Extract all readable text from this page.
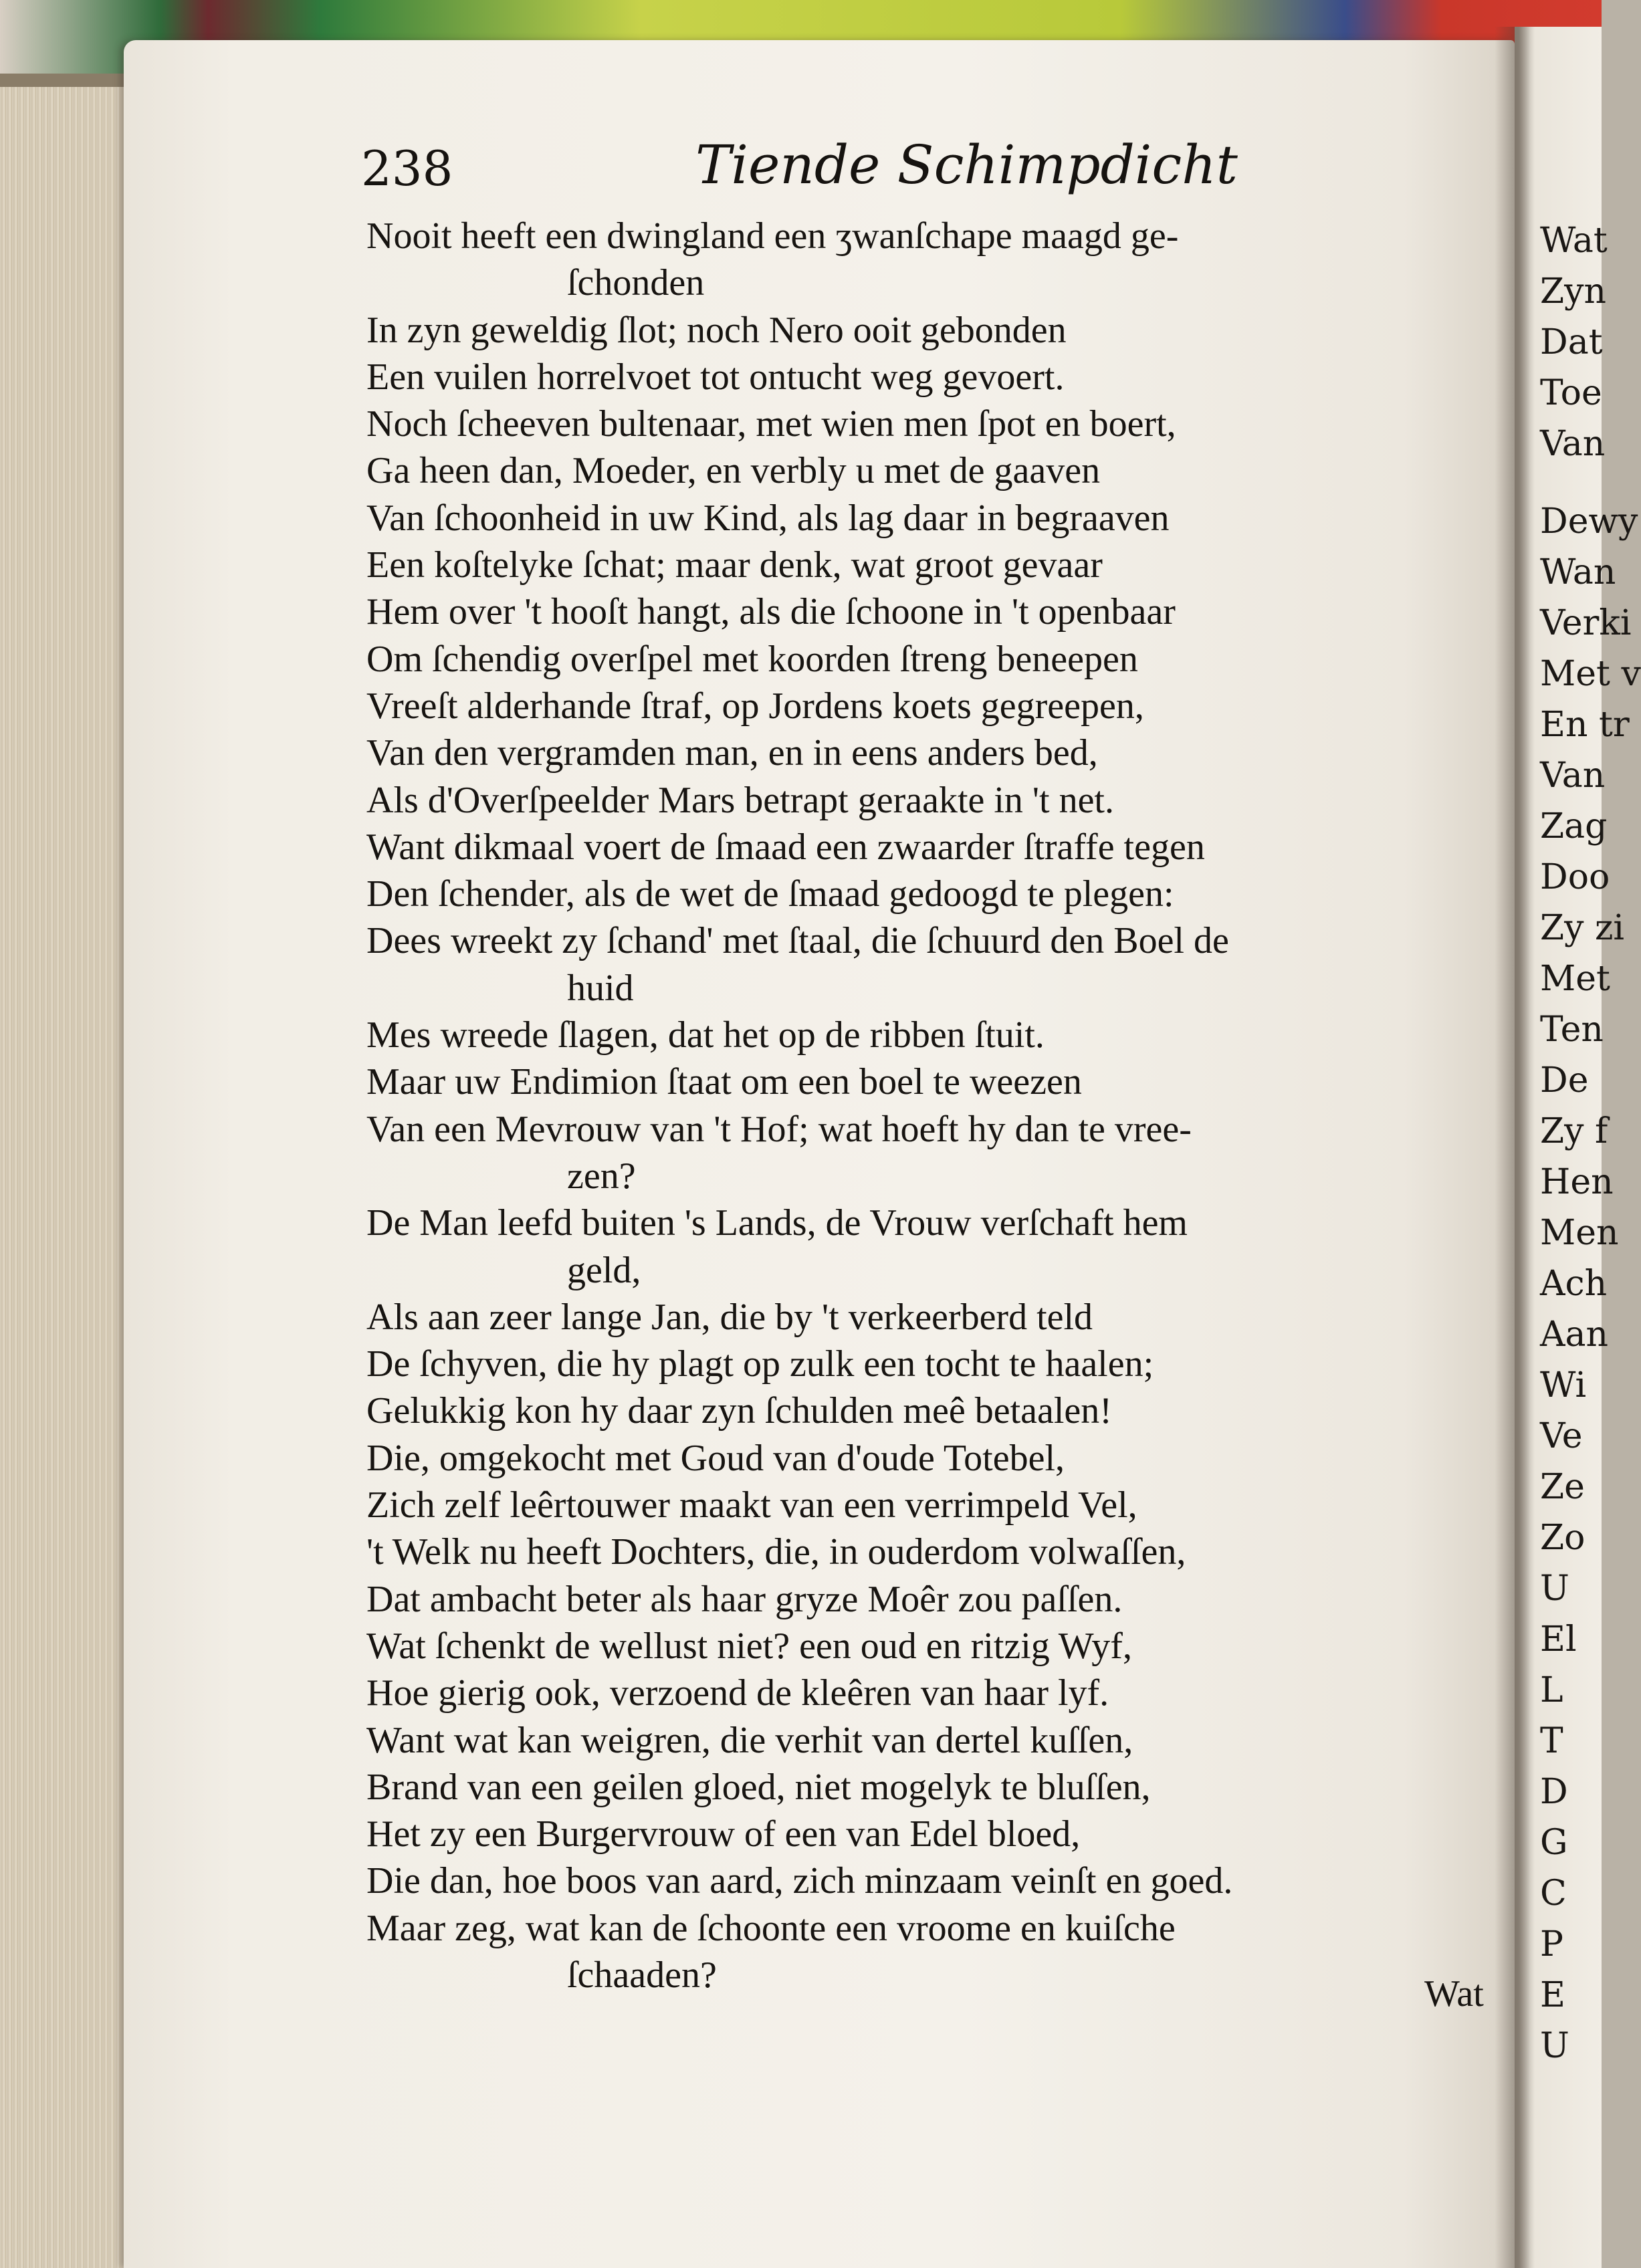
Wat
Zyn
Dat
Toe
Van
Dewy
Wan
Verki
Met v
En tr
Van
Zag
Doo
Zy zi
Met
Ten
De
Zy f
Hen
Men
Ach
Aan
Wi
Ve
Ze
Zo
U
El
L
T
D
G
C
P
E
U
238	Tiende Schimpdicht
Nooit heeft een dwingland een ʒwanſchape maagd ge-
ſchonden
In zyn geweldig ſlot; noch Nero ooit gebonden
Een vuilen horrelvoet tot ontucht weg gevoert.
Noch ſcheeven bultenaar, met wien men ſpot en boert,
Ga heen dan, Moeder, en verbly u met de gaaven
Van ſchoonheid in uw Kind, als lag daar in begraaven
Een koſtelyke ſchat; maar denk, wat groot gevaar
Hem over 't hooſt hangt, als die ſchoone in 't openbaar
Om ſchendig overſpel met koorden ſtreng beneepen
Vreeſt alderhande ſtraf, op Jordens koets gegreepen,
Van den vergramden man, en in eens anders bed,
Als d'Overſpeelder Mars betrapt geraakte in 't net.
Want dikmaal voert de ſmaad een zwaarder ſtraffe tegen
Den ſchender, als de wet de ſmaad gedoogd te plegen:
Dees wreekt zy ſchand' met ſtaal, die ſchuurd den Boel de
huid
Mes wreede ſlagen, dat het op de ribben ſtuit.
Maar uw Endimion ſtaat om een boel te weezen
Van een Mevrouw van 't Hof; wat hoeft hy dan te vree-
zen?
De Man leefd buiten 's Lands, de Vrouw verſchaft hem
geld,
Als aan zeer lange Jan, die by 't verkeerberd teld
De ſchyven, die hy plagt op zulk een tocht te haalen;
Gelukkig kon hy daar zyn ſchulden meê betaalen!
Die, omgekocht met Goud van d'oude Totebel,
Zich zelf leêrtouwer maakt van een verrimpeld Vel,
't Welk nu heeft Dochters, die, in ouderdom volwaſſen,
Dat ambacht beter als haar gryze Moêr zou paſſen.
Wat ſchenkt de wellust niet? een oud en ritzig Wyf,
Hoe gierig ook, verzoend de kleêren van haar lyf.
Want wat kan weigren, die verhit van dertel kuſſen,
Brand van een geilen gloed, niet mogelyk te bluſſen,
Het zy een Burgervrouw of een van Edel bloed,
Die dan, hoe boos van aard, zich minzaam veinſt en goed.
Maar zeg, wat kan de ſchoonte een vroome en kuiſche
ſchaaden?	Wat
